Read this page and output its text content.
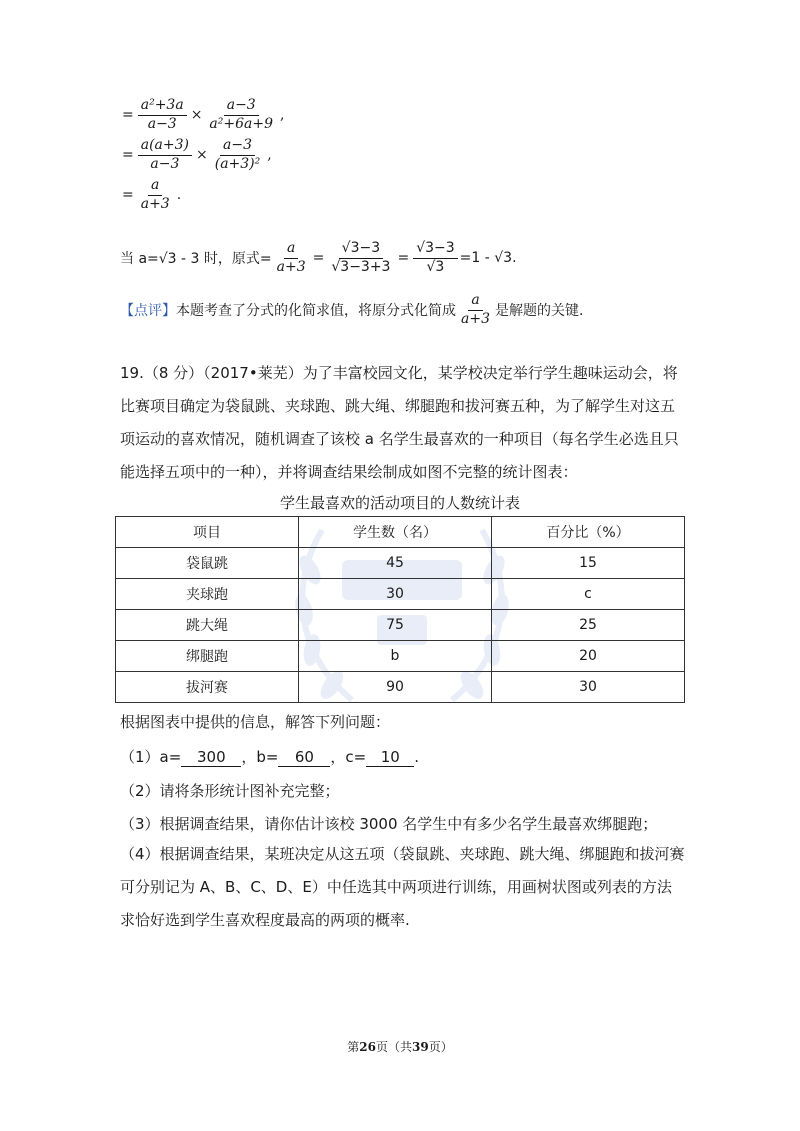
= $\frac{\text{a²+3a}}{a-3} \times \frac{a-3}{\text{a²+6a+9}}$ ,
= $\frac{a(a+3)}{a-3} \times \frac{a-3}{\text{(a+3)²}}$ ,
= $\frac{a}{a+3}$ .
当 a=√3 - 3 时，原式= $\frac{a}{a+3} = \frac{√3-3}{√3-3+3} = \frac{√3-3}{√3} =1 - √3$.
【点评】 本题考查了分式的化简求值，将原分式化简成 $\frac{a}{a+3}$ 是解题的关键.
19.（8 分）（2017•莱芜）为了丰富校园文化，某学校决定举行学生趣味运动会，将比赛项目确定为袋鼠跳、夹球跑、跳大绳、绑腿跑和拔河赛五种，为了解学生对这五项运动的喜欢情况，随机调查了该校 a 名学生最喜欢的一种项目（每名学生必选且只能选择五项中的一种），并将调查结果绘制成如图不完整的统计图表：
学生最喜欢的活动项目的人数统计表
项目	学生数（名）	百分比（%）
袋鼠跳	45	15
夹球跑	30	c
跳大绳	75	25
绑腿跑	b	20
拔河赛	90	30
根据图表中提供的信息，解答下列问题：
（1）a= 300 ，b= 60 ，c= 10 .
（2）请将条形统计图补充完整；
（3）根据调查结果，请你估计该校 3000 名学生中有多少名学生最喜欢绑腿跑；
（4）根据调查结果，某班决定从这五项（袋鼠跳、夹球跑、跳大绳、绑腿跑和拔河赛可分别记为 A、B、C、D、E）中任选其中两项进行训练，用画树状图或列表的方法求恰好选到学生喜欢程度最高的两项的概率.
第26页（共39页）
